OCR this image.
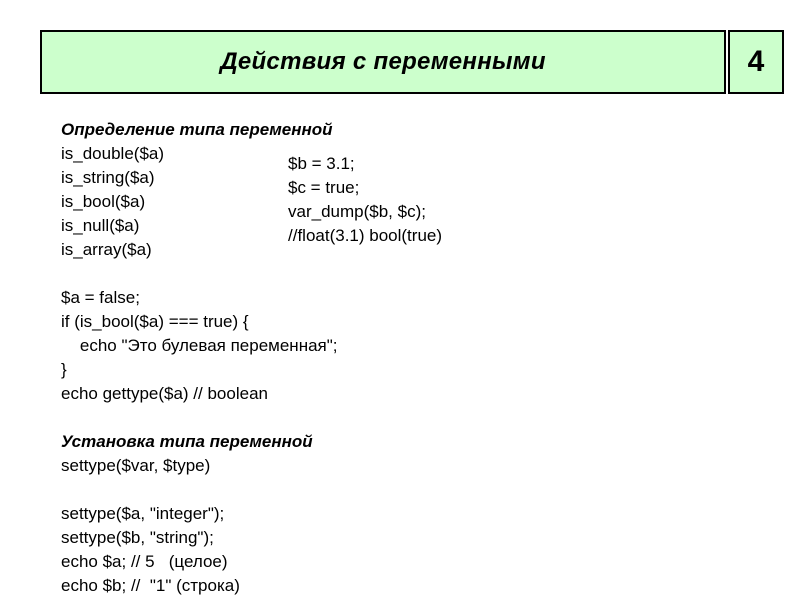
Действия с переменными	4
Определение типа переменной
is_double($a)
is_string($a)
is_bool($a)
is_null($a)
is_array($a)
$a = false;
if (is_bool($a) === true) {
echo "Это булевая переменная";
}
echo gettype($a) // boolean
Установка типа переменной
settype($var, $type)
settype($a, "integer");
settype($b, "string");
echo $a; // 5   (целое)
echo $b; //  "1" (строка)
$b = 3.1;
$c = true;
var_dump($b, $c);
//float(3.1) bool(true)
